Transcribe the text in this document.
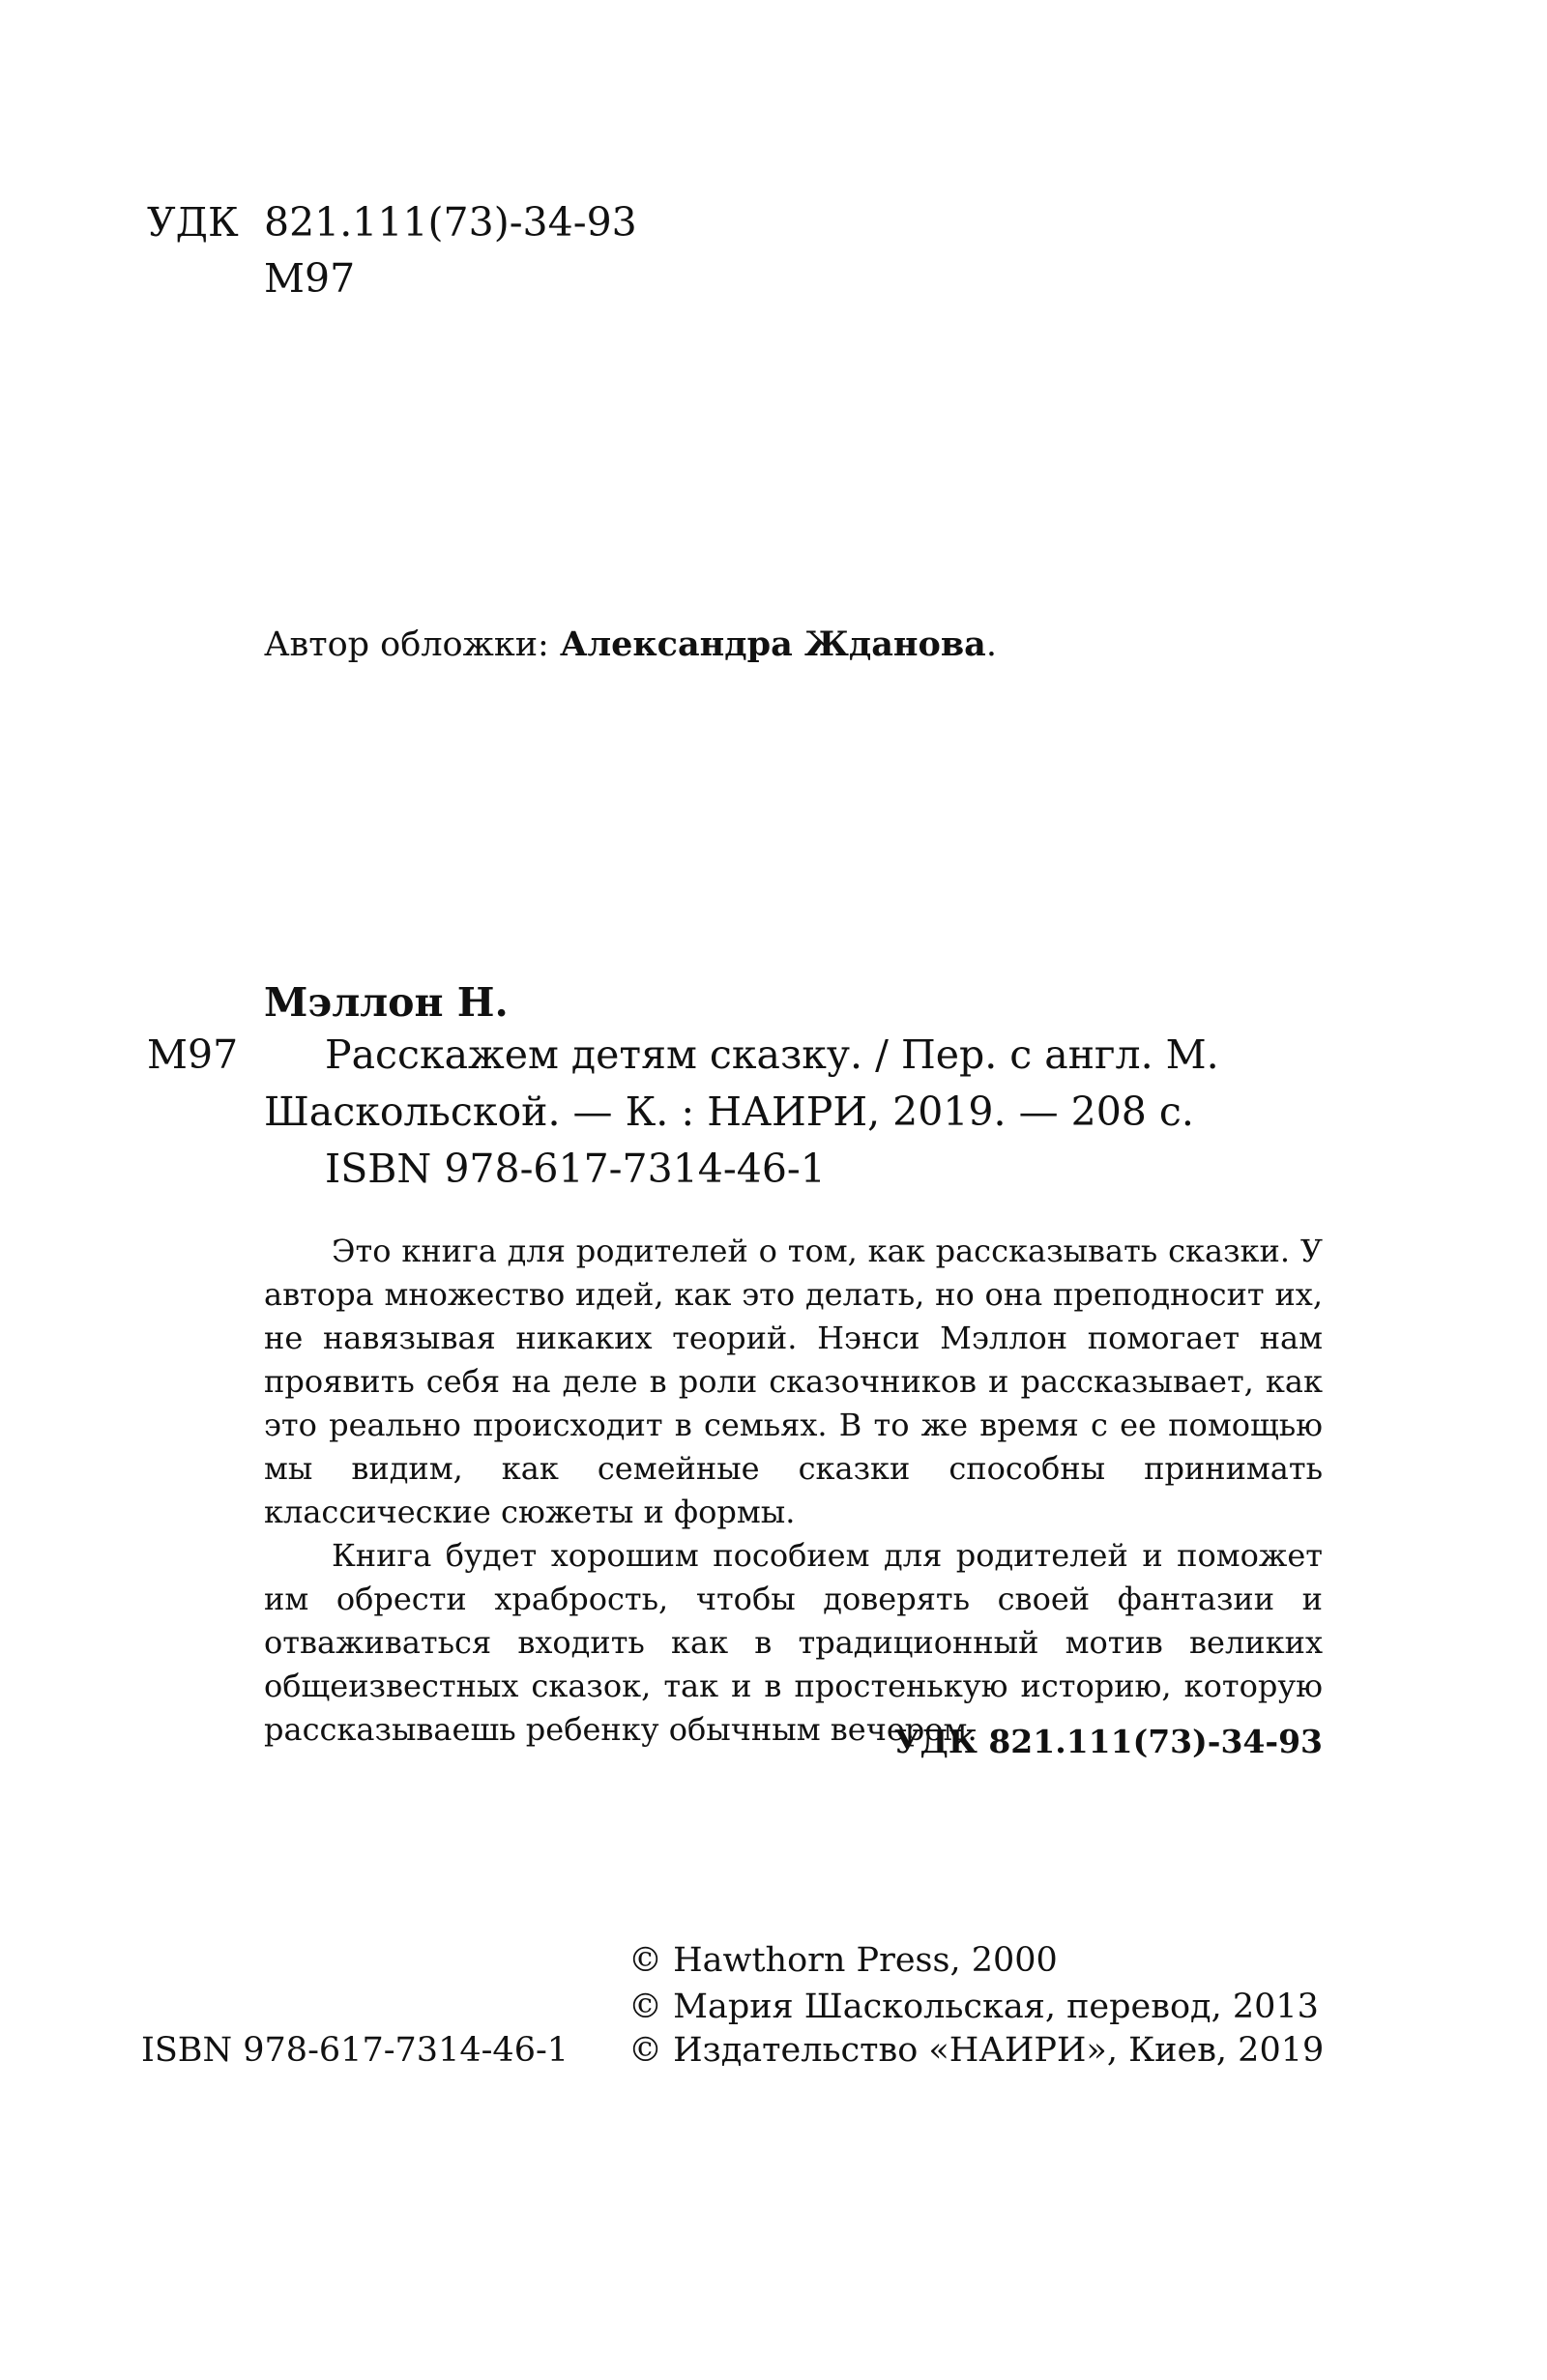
УДК 821.111(73)-34-93
М97
Автор обложки: Александра Жданова.
Мэллон Н.
М97 Расскажем детям сказку. / Пер. с англ. М.
Шаскольской. — К. : НАИРИ, 2019. — 208 с.
ISBN 978-617-7314-46-1

Это книга для родителей о том, как рассказывать сказки. У автора множество идей, как это делать, но она преподносит их, не навязывая никаких теорий. Нэнси Мэллон помогает нам проявить себя на деле в роли сказочников и рассказывает, как это реально происходит в семьях. В то же время с ее помощью мы видим, как семейные сказки способны принимать классические сюжеты и формы.

Книга будет хорошим пособием для родителей и поможет им обрести храбрость, чтобы доверять своей фантазии и отваживаться входить как в традиционный мотив великих общеизвестных сказок, так и в простенькую историю, которую рассказываешь ребенку обычным вечером.

УДК 821.111(73)-34-93
© Hawthorn Press, 2000
© Мария Шаскольская, перевод, 2013
© Издательство «НАИРИ», Киев, 2019
ISBN 978-617-7314-46-1
